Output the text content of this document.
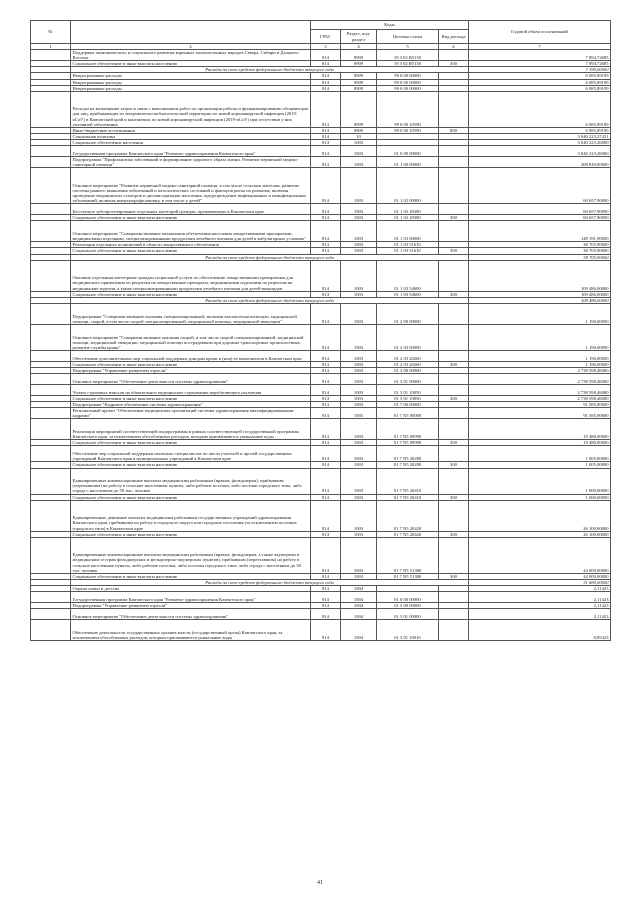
№		Коды				Годовой объем ассигнований
		ГРБС	Раздел, под-раздел	Целевая статья	Вид расхода	
1	2	3	4	5	6	7
	Поддержка экономического и социального развития коренных малочисленных народов Севера, Сибири и Дальнего Востока	814	0909	19 3 02 R5150		7 894,72685
	Социальное обеспечение и иные выплаты населению	814	0909	19 3 02 R5150	300	7 894,72685
	Расходы за счет средств федерального бюджета текущего года					7 190,00000
	Непрограммные расходы	814	0909	99 0 00 00000		6 085,89199
	Непрограммные расходы	814	0909	99 0 00 00000		6 085,89199
	Непрограммные расходы	814	0909	99 0 00 00000		6 085,89199
	Расходы на возмещение затрат в связи с выполнением работ по организации работы и функционированию обсерваторов для лиц, прибывающих из эпидемически неблагополучной территории по новой коронавирусной инфекции (2019-nCoV) в Камчатский край и контактных по новой коронавирусной инфекции (2019-nCoV) при отсутствии у них указанной заболевания	814	0909	99 0 00 10590		6 085,89199
	Иные бюджетные ассигнования	814	0909	99 0 00 10590	800	6 085,89199
	Социальная политика	814	10			3 040 223,37421
	Социальное обеспечение населения	814	1003			3 040 223,26000
	Государственная программа Камчатского края "Развитие здравоохранения Камчатского края"	814	1003	01 0 00 00000		3 040 223,26000
	Подпрограмма "Профилактика заболеваний и формирование здорового образа жизни. Развитие первичной медико-санитарной помощи"	814	1003	01 1 00 00000		208 849,80000
	Основное мероприятие "Развитие первичной медико-санитарной помощи, в том числе сельским жителям, развитие системы раннего выявления заболеваний и патологических состояний и факторов риска их развития, включая проведение медицинских осмотров и диспансеризации населения, предупреждение инфекционных и неинфекционных заболеваний, включая иммунопрофилактику, в том числе у детей"	814	1003	01 1 02 00000		60 657,90000
	Бесплатное зубопротезирование отдельных категорий граждан, проживающих в Камчатском крае	814	1003	01 1 02 20380		60 657,90000
	Социальное обеспечение и иные выплаты населению	814	1003	01 1 02 20380	300	60 657,90000
	Основное мероприятие "Совершенствование механизмов обеспечения населения лекарственными препаратами, медицинскими изделиями, специализированными продуктами лечебного питания для детей в амбулаторных условиях"	814	1003	01 1 03 00000		148 191,90000
	Реализация отдельных полномочий в области лекарственного обеспечения	814	1003	01 1 03 51610		38 705,90000
	Социальное обеспечение и иные выплаты населению	814	1003	01 1 03 51610	300	38 705,90000
	Расходы за счет средств федерального бюджета текущего года					38 705,90000
	Оказание отдельным категориям граждан социальной услуги по обеспечению лекарственными препаратами для медицинского применения по рецептам на лекарственные препараты, медицинскими изделиями по рецептам на медицинские изделия, а также специализированными продуктами лечебного питания для детей-инвалидов	814	1003	01 1 03 54600		109 486,00000
	Социальное обеспечение и иные выплаты населению	814	1003	01 1 03 54600	300	109 486,00000
	Расходы за счет средств федерального бюджета текущего года					109 486,00000
	Подпрограмма "Совершенствование оказания специализированной, включая высокотехнологичную, медицинской помощи, скорой, в том числе скорой специализированной, медицинской помощи, медицинской эвакуации"	814	1003	01 2 00 00000		1 190,00000
	Основное мероприятие "Совершенствование оказания скорой, в том числе скорой специализированной, медицинской помощи, медицинской эвакуации, медицинской помощи пострадавшим при дорожно-транспортных происшествиях, развитие службы крови"	814	1003	01 2 03 00000		1 190,00000
	Обеспечение дополнительных мер социальной поддержки донорам крови и (или) ее компонентов в Камчатском крае	814	1003	01 2 03 20260		1 190,00000
	Социальное обеспечение и иные выплаты населению	814	1003	01 2 03 20260	300	1 190,00000
	Подпрограмма "Управление развитием отрасли"	814	1003	01 3 00 00000		2 738 598,46000
	Основное мероприятие "Обеспечение деятельности системы здравоохранения"	814	1003	01 3 01 00000		2 738 598,46000
	Уплата страховых взносов на обязательное медицинское страхование неработающего населения	814	1003	01 3 01 10050		2 738 598,46000
	Социальное обеспечение и иные выплаты населению	814	1003	01 3 01 10050	300	2 738 598,46000
	Подпрограмма "Кадровое обеспечение системы здравоохранения"	814	1003	01 7 00 00000		91 585,00000
	Региональный проект "Обеспечение медицинских организаций системы здравоохранения квалифицированными кадрами"	814	1003	01 7 N5 00000		91 585,00000
	Реализация мероприятий соответствующей подпрограммы в рамках соответствующей государственной программы Камчатского края, за исключением обособленных расходов, которым присваиваются уникальные коды	814	1003	01 7 N5 09990		19 480,00000
	Социальное обеспечение и иные выплаты населению	814	1003	01 7 N5 09990	300	19 480,00000
	Обеспечение мер социальной поддержки насколько специалистов по числа учителей и прочей государственных учреждений Камчатского края в муниципальных учреждений в Камчатском крае	814	1003	01 7 N5 20280		1 005,00000
	Социальное обеспечение и иные выплаты населению	814	1003	01 7 N5 20280	300	1 005,00000
	Единовременные компенсационные выплаты медицинским работникам (врачам, фельдшерам), прибывшим (переехавшим) на работу в сельские населенные пункты, либо рабочие поселки, либо поселки городского типа, либо города с населением до 50 тыс. человек	814	1003	01 7 N5 20410		1 000,00000
	Социальное обеспечение и иные выплаты населению	814	1003	01 7 N5 20410	300	1 000,00000
	Единовременные денежные выплаты медицинским работникам государственных учреждений здравоохранения Камчатского края, прибывшим на работу в городского округа или городские поселения (за исключением поселков городского типа) в Камчатском крае	814	1003	01 7 N5 20420		26 100,00000
	Социальное обеспечение и иные выплаты населению	814	1003	01 7 N5 20420	300	26 100,00000
	Единовременные компенсационные выплаты медицинским работникам (врачам, фельдшерам, а также акушеркам и медицинским сестрам фельдшерских и фельдшерско-акушерских пунктов), прибывшим (переехавшим) на работу в сельские населенные пункты, либо рабочие поселки, либо поселки городского типа, либо города с населением до 50 тыс. человек	814	1003	01 7 N5 51380		44 000,00000
	Социальное обеспечение и иные выплаты населению	814	1003	01 7 N5 51380	300	44 000,00000
	Расходы за счет средств федерального бюджета текущего года					31 680,00000
	Охрана семьи и детства	814	1004			2,11423
	Государственная программа Камчатского края "Развитие здравоохранения Камчатского края"	814	1004	01 0 00 00000		2,11423
	Подпрограмма "Управление развитием отрасли"	814	1004	01 3 00 00000		2,11423
	Основное мероприятие "Обеспечение деятельности системы здравоохранения"	814	1004	01 3 01 00000		2,11423
	Обеспечение деятельности государственных органов власти (государственный орган) Камчатского края, за исключением обособленных расходов, которым присваиваются уникальные коды	814	1004	01 3 01 10010		0,85423
41
